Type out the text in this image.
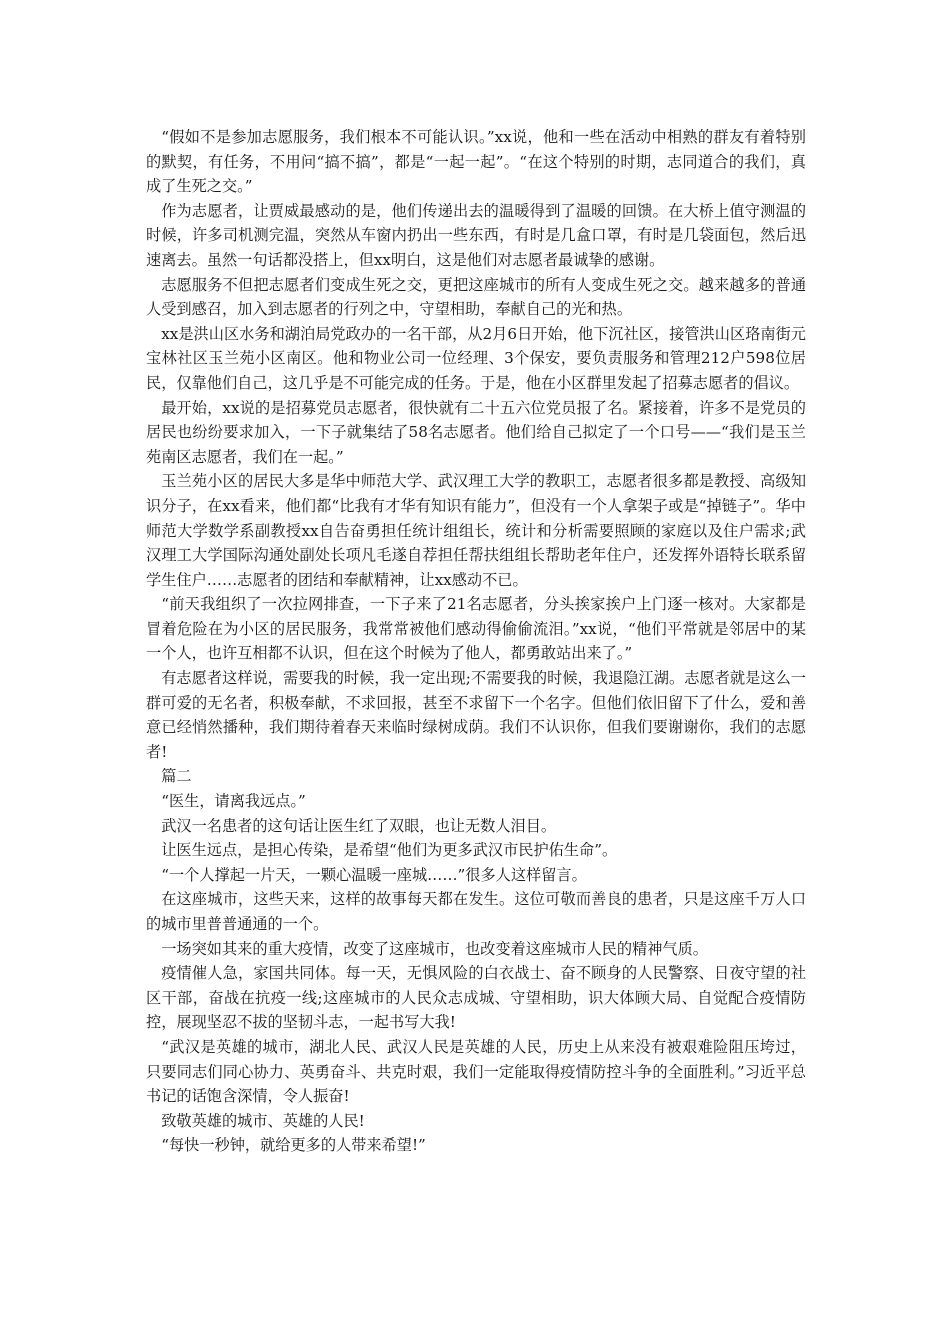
“假如不是参加志愿服务，我们根本不可能认识。”xx说，他和一些在活动中相熟的群友有着特别的默契，有任务，不用问“搞不搞”，都是“一起一起”。“在这个特别的时期，志同道合的我们，真成了生死之交。”

作为志愿者，让贾威最感动的是，他们传递出去的温暖得到了温暖的回馈。在大桥上值守测温的时候，许多司机测完温，突然从车窗内扔出一些东西，有时是几盒口罩，有时是几袋面包，然后迅速离去。虽然一句话都没搭上，但xx明白，这是他们对志愿者最诚挚的感谢。

志愿服务不但把志愿者们变成生死之交，更把这座城市的所有人变成生死之交。越来越多的普通人受到感召，加入到志愿者的行列之中，守望相助，奉献自己的光和热。

xx是洪山区水务和湖泊局党政办的一名干部，从2月6日开始，他下沉社区，接管洪山区珞南街元宝林社区玉兰苑小区南区。他和物业公司一位经理、3个保安，要负责服务和管理212户598位居民，仅靠他们自己，这几乎是不可能完成的任务。于是，他在小区群里发起了招募志愿者的倡议。

最开始，xx说的是招募党员志愿者，很快就有二十五六位党员报了名。紧接着，许多不是党员的居民也纷纷要求加入，一下子就集结了58名志愿者。他们给自己拟定了一个口号——“我们是玉兰苑南区志愿者，我们在一起。”

玉兰苑小区的居民大多是华中师范大学、武汉理工大学的教职工，志愿者很多都是教授、高级知识分子，在xx看来，他们都“比我有才华有知识有能力”，但没有一个人拿架子或是“掉链子”。华中师范大学数学系副教授xx自告奋勇担任统计组组长，统计和分析需要照顾的家庭以及住户需求;武汉理工大学国际沟通处副处长项凡毛遂自荐担任帮扶组组长帮助老年住户，还发挥外语特长联系留学生住户……志愿者的团结和奉献精神，让xx感动不已。

“前天我组织了一次拉网排查，一下子来了21名志愿者，分头挨家挨户上门逐一核对。大家都是冒着危险在为小区的居民服务，我常常被他们感动得偷偷流泪。”xx说，“他们平常就是邻居中的某一个人，也许互相都不认识，但在这个时候为了他人，都勇敢站出来了。”

有志愿者这样说，需要我的时候，我一定出现;不需要我的时候，我退隐江湖。志愿者就是这么一群可爱的无名者，积极奉献，不求回报，甚至不求留下一个名字。但他们依旧留下了什么，爱和善意已经悄然播种，我们期待着春天来临时绿树成荫。我们不认识你，但我们要谢谢你，我们的志愿者!

篇二

“医生，请离我远点。”

武汉一名患者的这句话让医生红了双眼，也让无数人泪目。

让医生远点，是担心传染，是希望“他们为更多武汉市民护佑生命”。

“一个人撑起一片天，一颗心温暖一座城……”很多人这样留言。

在这座城市，这些天来，这样的故事每天都在发生。这位可敬而善良的患者，只是这座千万人口的城市里普普通通的一个。

一场突如其来的重大疫情，改变了这座城市，也改变着这座城市人民的精神气质。

疫情催人急，家国共同体。每一天，无惧风险的白衣战士、奋不顾身的人民警察、日夜守望的社区干部，奋战在抗疫一线;这座城市的人民众志成城、守望相助，识大体顾大局、自觉配合疫情防控，展现坚忍不拔的坚韧斗志，一起书写大我!

“武汉是英雄的城市，湖北人民、武汉人民是英雄的人民，历史上从来没有被艰难险阻压垮过，只要同志们同心协力、英勇奋斗、共克时艰，我们一定能取得疫情防控斗争的全面胜利。”习近平总书记的话饱含深情，令人振奋!

致敬英雄的城市、英雄的人民!

“每快一秒钟，就给更多的人带来希望!”
